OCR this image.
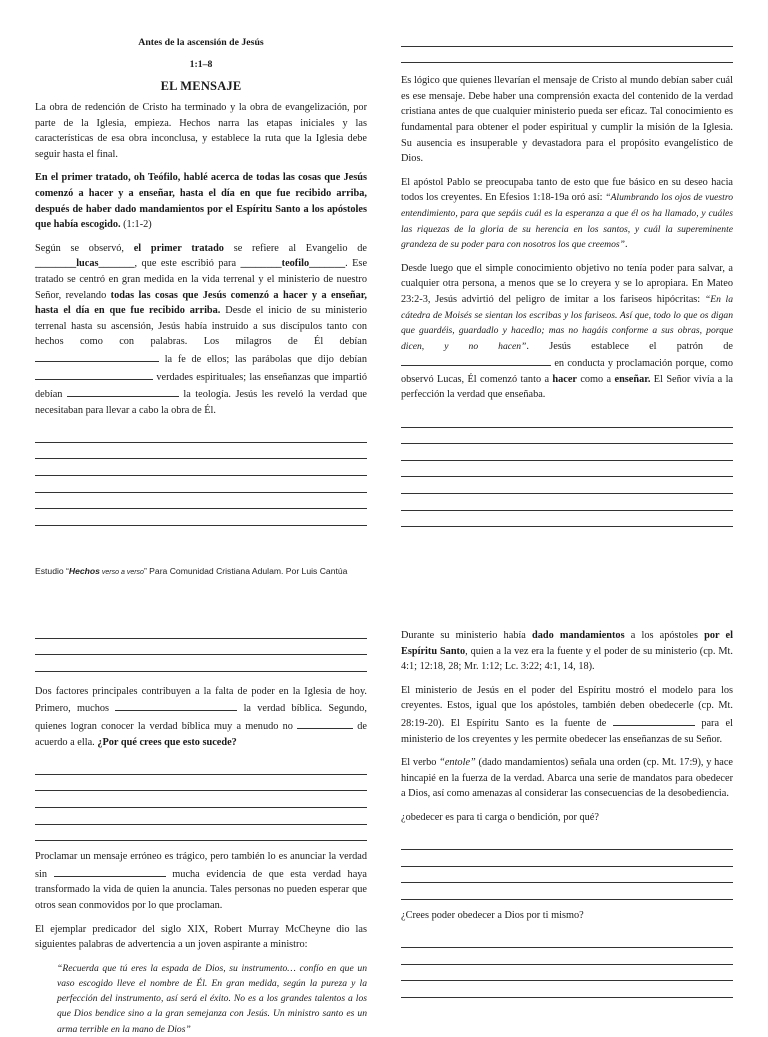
Antes de la ascensión de Jesús
1:1–8
EL MENSAJE

La obra de redención de Cristo ha terminado y la obra de evangelización, por parte de la Iglesia, empieza. Hechos narra las etapas iniciales y las características de esa obra inconclusa, y establece la ruta que la Iglesia debe seguir hasta el final.

En el primer tratado, oh Teófilo, hablé acerca de todas las cosas que Jesús comenzó a hacer y a enseñar, hasta el día en que fue recibido arriba, después de haber dado mandamientos por el Espíritu Santo a los apóstoles que había escogido. (1:1-2)

Según se observó, el primer tratado se refiere al Evangelio de ________lucas_______, que este escribió para ________teofilo_______. Ese tratado se centró en gran medida en la vida terrenal y el ministerio de nuestro Señor, revelando todas las cosas que Jesús comenzó a hacer y a enseñar, hasta el día en que fue recibido arriba. Desde el inicio de su ministerio terrenal hasta su ascensión, Jesús había instruido a sus discípulos tanto con hechos como con palabras. Los milagros de Él debían  la fe de ellos; las parábolas que dijo debían  verdades espirituales; las enseñanzas que impartió debían	la teología. Jesús les reveló la verdad que necesitaban para llevar a cabo la obra de Él.

Es lógico que quienes llevarían el mensaje de Cristo al mundo debían saber cuál es ese mensaje. Debe haber una comprensión exacta del contenido de la verdad cristiana antes de que cualquier ministerio pueda ser eficaz. Tal conocimiento es fundamental para obtener el poder espiritual y cumplir la misión de la Iglesia. Su ausencia es insuperable y devastadora para el propósito evangelístico de Dios.

El apóstol Pablo se preocupaba tanto de esto que fue básico en su deseo hacia todos los creyentes. En Efesios 1:18-19a oró así: “Alumbrando los ojos de vuestro entendimiento, para que sepáis cuál es la esperanza a que él os ha llamado, y cuáles las riquezas de la gloria de su herencia en los santos, y cuál la supereminente grandeza de su poder para con nosotros los que creemos”.

Desde luego que el simple conocimiento objetivo no tenía poder para salvar, a cualquier otra persona, a menos que se lo creyera y se lo apropiara. En Mateo 23:2-3, Jesús advirtió del peligro de imitar a los fariseos hipócritas: “En la cátedra de Moisés se sientan los escribas y los fariseos. Así que, todo lo que os digan que guardéis, guardadlo y hacedlo; mas no hagáis conforme a sus obras, porque dicen, y no hacen”. Jesús establece el patrón de  en conducta y proclamación porque, como observó Lucas, Él comenzó tanto a hacer como a enseñar. El Señor vivía a la perfección la verdad que enseñaba.

Estudio “Hechos verso a verso” Para Comunidad Cristiana Adulam. Por Luis Cantúa

Dos factores principales contribuyen a la falta de poder en la Iglesia de hoy. Primero, muchos	la verdad bíblica. Segundo, quienes logran conocer la verdad bíblica muy a menudo no	de acuerdo a ella. ¿Por qué crees que esto sucede?

Proclamar un mensaje erróneo es trágico, pero también lo es anunciar la verdad sin	mucha evidencia de que esta verdad haya transformado la vida de quien la anuncia. Tales personas no pueden esperar que otros sean conmovidos por lo que proclaman.

El ejemplar predicador del siglo XIX, Robert Murray McCheyne dio las siguientes palabras de advertencia a un joven aspirante a ministro:

“Recuerda que tú eres la espada de Dios, su instrumento… confío en que un vaso escogido lleve el nombre de Él. En gran medida, según la pureza y la perfección del instrumento, así será el éxito. No es a los grandes talentos a los que Dios bendice sino a la gran semejanza con Jesús. Un ministro santo es un arma terrible en la mano de Dios”

Durante su ministerio había dado mandamientos a los apóstoles por el Espíritu Santo, quien a la vez era la fuente y el poder de su ministerio (cp. Mt. 4:1; 12:18, 28; Mr. 1:12; Lc. 3:22; 4:1, 14, 18).

El ministerio de Jesús en el poder del Espíritu mostró el modelo para los creyentes. Estos, igual que los apóstoles, también deben obedecerle (cp. Mt. 28:19-20). El Espíritu Santo es la fuente de	para el ministerio de los creyentes y les permite obedecer las enseñanzas de su Señor.

El verbo “entole” (dado mandamientos) señala una orden (cp. Mt. 17:9), y hace hincapié en la fuerza de la verdad. Abarca una serie de mandatos para obedecer a Dios, así como amenazas al considerar las consecuencias de la desobediencia.

¿obedecer es para ti carga o bendición, por qué?

¿Crees poder obedecer a Dios por ti mismo?
